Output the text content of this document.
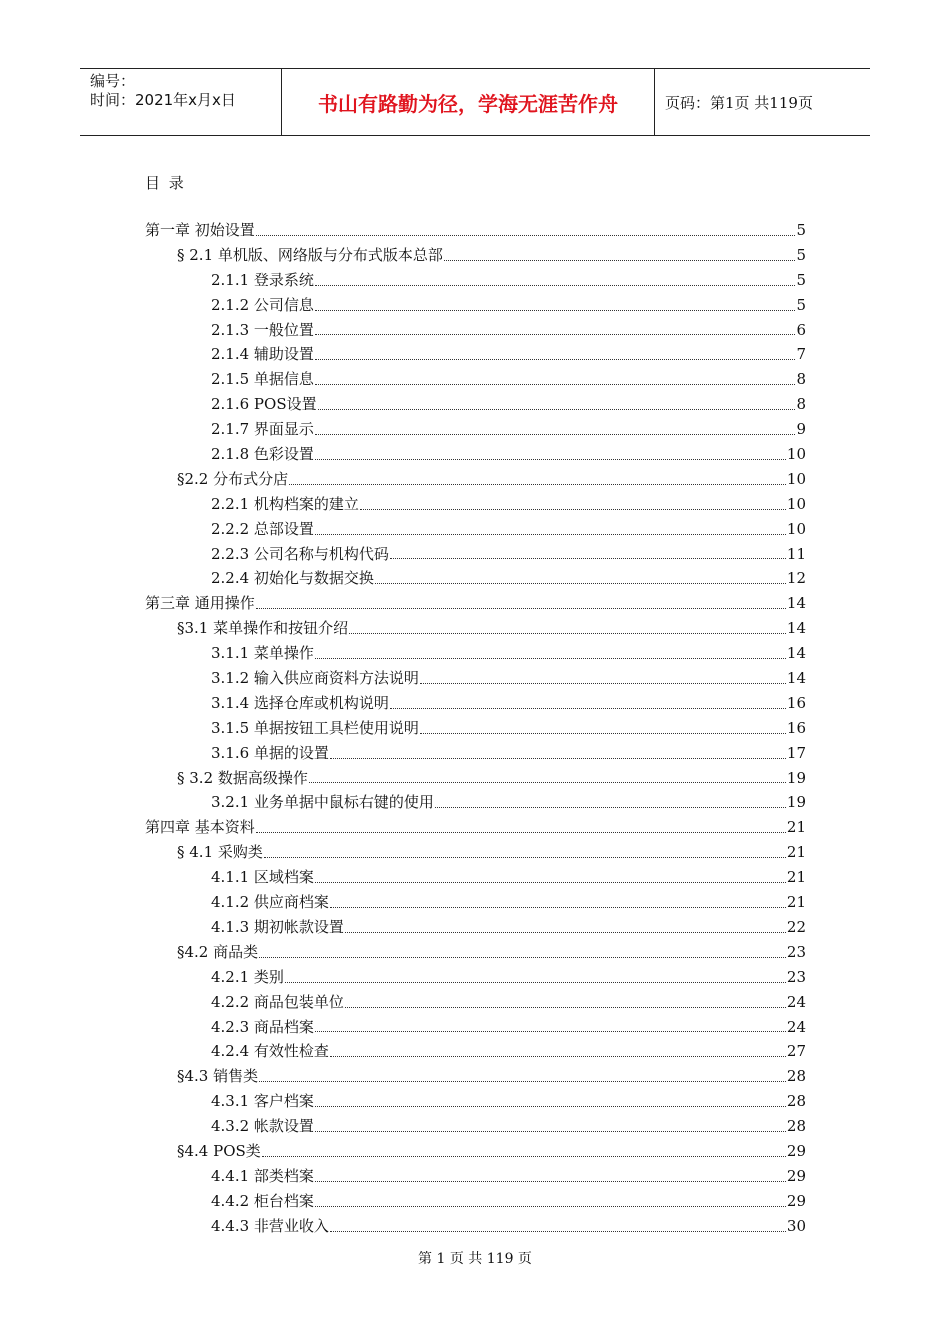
编号：
时间：2021年x月x日	书山有路勤为径，学海无涯苦作舟	页码：第1页 共119页
目 录
第一章 初始设置	5
§ 2.1 单机版、网络版与分布式版本总部	5
2.1.1 登录系统	5
2.1.2 公司信息	5
2.1.3 一般位置	6
2.1.4 辅助设置	7
2.1.5 单据信息	8
2.1.6 POS设置	8
2.1.7 界面显示	9
2.1.8 色彩设置	10
§2.2 分布式分店	10
2.2.1 机构档案的建立	10
2.2.2 总部设置	10
2.2.3 公司名称与机构代码	11
2.2.4 初始化与数据交换	12
第三章 通用操作	14
§3.1 菜单操作和按钮介绍	14
3.1.1 菜单操作	14
3.1.2 输入供应商资料方法说明	14
3.1.4 选择仓库或机构说明	16
3.1.5 单据按钮工具栏使用说明	16
3.1.6 单据的设置	17
§ 3.2 数据高级操作	19
3.2.1 业务单据中鼠标右键的使用	19
第四章 基本资料	21
§ 4.1 采购类	21
4.1.1 区域档案	21
4.1.2 供应商档案	21
4.1.3 期初帐款设置	22
§4.2 商品类	23
4.2.1 类别	23
4.2.2 商品包装单位	24
4.2.3 商品档案	24
4.2.4 有效性检查	27
§4.3 销售类	28
4.3.1 客户档案	28
4.3.2 帐款设置	28
§4.4 POS类	29
4.4.1 部类档案	29
4.4.2 柜台档案	29
4.4.3 非营业收入	30
第 1 页 共 119 页
